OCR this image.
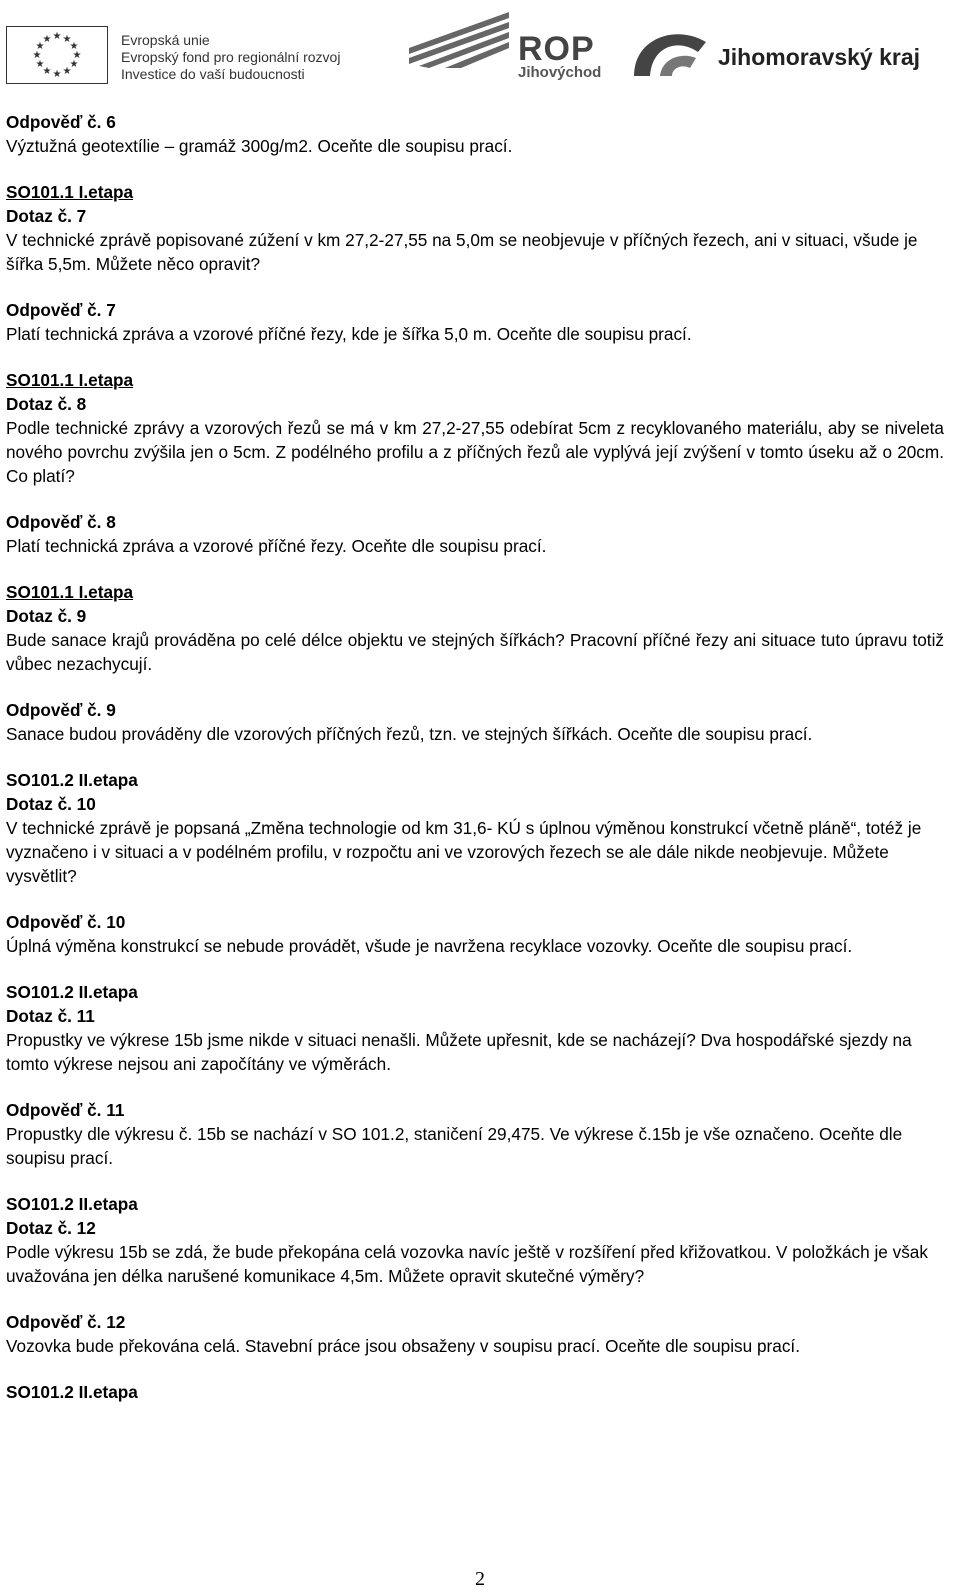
★ ★
★
★
★
★
★
★
★
★
★
★	Evropská unie
Evropský fond pro regionální rozvoj
Investice do vaší budoucnosti
ROP
Jihovýchod
Jihomoravský kraj

Odpověď č. 6

Výztužná geotextílie – gramáž 300g/m2. Oceňte dle soupisu prací.

SO101.1 I.etapa

Dotaz č. 7

V technické zprávě popisované zúžení v km 27,2-27,55 na 5,0m se neobjevuje v příčných řezech, ani v situaci, všude je šířka 5,5m. Můžete něco opravit?

Odpověď č. 7

Platí technická zpráva a vzorové příčné řezy, kde je šířka 5,0 m. Oceňte dle soupisu prací.

SO101.1 I.etapa

Dotaz č. 8

Podle technické zprávy a vzorových řezů se má v km 27,2-27,55 odebírat 5cm z recyklovaného materiálu, aby se niveleta nového povrchu zvýšila jen o 5cm. Z podélného profilu a z příčných řezů ale vyplývá její zvýšení v tomto úseku až o 20cm. Co platí?

Odpověď č. 8

Platí technická zpráva a vzorové příčné řezy. Oceňte dle soupisu prací.

SO101.1 I.etapa

Dotaz č. 9

Bude sanace krajů prováděna po celé délce objektu ve stejných šířkách? Pracovní příčné řezy ani situace tuto úpravu totiž vůbec nezachycují.

Odpověď č. 9

Sanace budou prováděny dle vzorových příčných řezů, tzn. ve stejných šířkách. Oceňte dle soupisu prací.

SO101.2 II.etapa

Dotaz č. 10

V technické zprávě je popsaná „Změna technologie od km 31,6- KÚ s úplnou výměnou konstrukcí včetně pláně“, totéž je vyznačeno i v situaci a v podélném profilu, v rozpočtu ani ve vzorových řezech se ale dále nikde neobjevuje. Můžete vysvětlit?

Odpověď č. 10

Úplná výměna konstrukcí se nebude provádět, všude je navržena recyklace vozovky. Oceňte dle soupisu prací.

SO101.2 II.etapa

Dotaz č. 11

Propustky ve výkrese 15b jsme nikde v situaci nenašli. Můžete upřesnit, kde se nacházejí? Dva hospodářské sjezdy na tomto výkrese nejsou ani započítány ve výměrách.

Odpověď č. 11

Propustky dle výkresu č. 15b se nachází v SO 101.2, staničení 29,475. Ve výkrese č.15b je vše označeno. Oceňte dle soupisu prací.

SO101.2 II.etapa

Dotaz č. 12

Podle výkresu 15b se zdá, že bude překopána celá vozovka navíc ještě v rozšíření před křižovatkou. V položkách je však uvažována jen délka narušené komunikace 4,5m. Můžete opravit skutečné výměry?

Odpověď č. 12

Vozovka bude překována celá. Stavební práce jsou obsaženy v soupisu prací. Oceňte dle soupisu prací.

SO101.2 II.etapa

2
